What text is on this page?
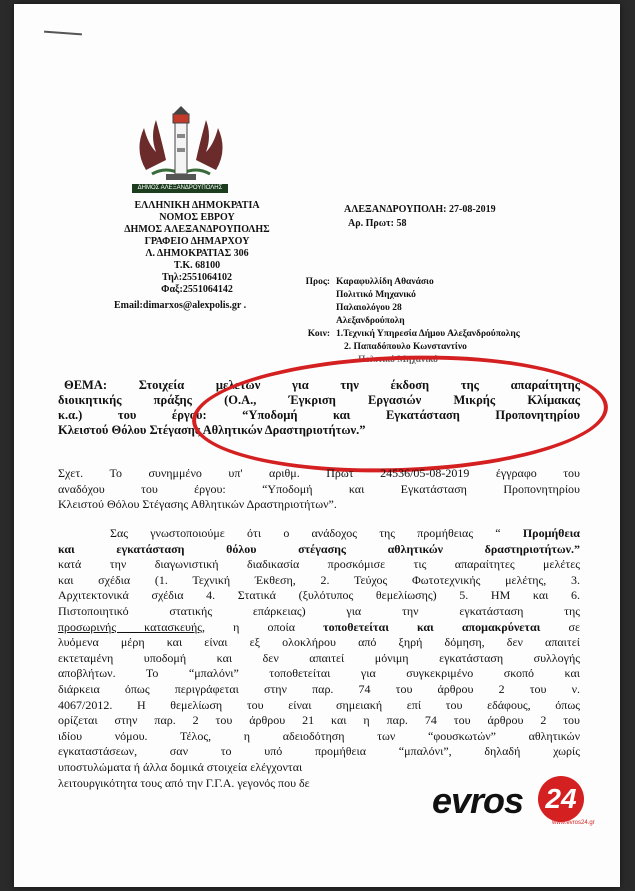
ΔΗΜΟΣ ΑΛΕΞΑΝΔΡΟΥΠΟΛΗΣ
ΕΛΛΗΝΙΚΗ ΔΗΜΟΚΡΑΤΙΑ
ΝΟΜΟΣ ΕΒΡΟΥ
ΔΗΜΟΣ ΑΛΕΞΑΝΔΡΟΥΠΟΛΗΣ
ΓΡΑΦΕΙΟ ΔΗΜΑΡΧΟΥ
Λ. ΔΗΜΟΚΡΑΤΙΑΣ 306
Τ.Κ. 68100
Τηλ:2551064102
Φαξ:2551064142
Email:dimarxos@alexpolis.gr .
ΑΛΕΞΑΝΔΡΟΥΠΟΛΗ: 27-08-2019
Αρ. Πρωτ: 58
Προς: Καραφυλλίδη Αθανάσιο
Πολιτικό Μηχανικό
Παλαιολόγου 28
Αλεξανδρούπολη
Κοιν: 1.Τεχνική Υπηρεσία Δήμου Αλεξανδρούπολης
2. Παπαδόπουλο Κωνσταντίνο
Πολιτικό Μηχανικό
ΘΕΜΑ: Στοιχεία μελετών για την έκδοση της απαραίτητης
διοικητικής πράξης (Ο.Α., Έγκριση Εργασιών Μικρής Κλίμακας
κ.α.) του έργου: “Υποδομή και Εγκατάσταση Προπονητηρίου
Κλειστού Θόλου Στέγασης Αθλητικών Δραστηριοτήτων.”
Σχετ. Το συνημμένο υπ' αριθμ. Πρωτ 24536/05-08-2019 έγγραφο του
αναδόχου του έργου: “Υποδομή και Εγκατάσταση Προπονητηρίου
Κλειστού Θόλου Στέγασης Αθλητικών Δραστηριοτήτων”.
Σας γνωστοποιούμε ότι ο ανάδοχος της προμήθειας “ Προμήθεια
και εγκατάσταση θόλου στέγασης αθλητικών δραστηριοτήτων.”
κατά την διαγωνιστική διαδικασία προσκόμισε τις απαραίτητες μελέτες
και σχέδια (1. Τεχνική Έκθεση, 2. Τεύχος Φωτοτεχνικής μελέτης, 3.
Αρχιτεκτονικά σχέδια 4. Στατικά (ξυλότυπος θεμελίωσης) 5. ΗΜ και 6.
Πιστοποιητικό στατικής επάρκειας) για την εγκατάσταση της
προσωρινής κατασκευής, η οποία τοποθετείται και απομακρύνεται σε
λυόμενα μέρη και είναι εξ ολοκλήρου από ξηρή δόμηση, δεν απαιτεί
εκτεταμένη υποδομή και δεν απαιτεί μόνιμη εγκατάσταση συλλογής
αποβλήτων. Το “μπαλόνι” τοποθετείται για συγκεκριμένο σκοπό και
διάρκεια όπως περιγράφεται στην παρ. 74 του άρθρου 2 του ν.
4067/2012. Η θεμελίωση του είναι σημειακή επί του εδάφους, όπως
ορίζεται στην παρ. 2 του άρθρου 21 και η παρ. 74 του άρθρου 2 του
ιδίου νόμου. Τέλος, η αδειοδότηση των “φουσκωτών” αθλητικών
εγκαταστάσεων, σαν το υπό προμήθεια “μπαλόνι”, δηλαδή χωρίς
υποστυλώματα ή άλλα δομικά στοιχεία ελέγχονται
λειτουργικότητα τους από την Γ.Γ.Α. γεγονός που δε	evros 24
www.evros24.gr
